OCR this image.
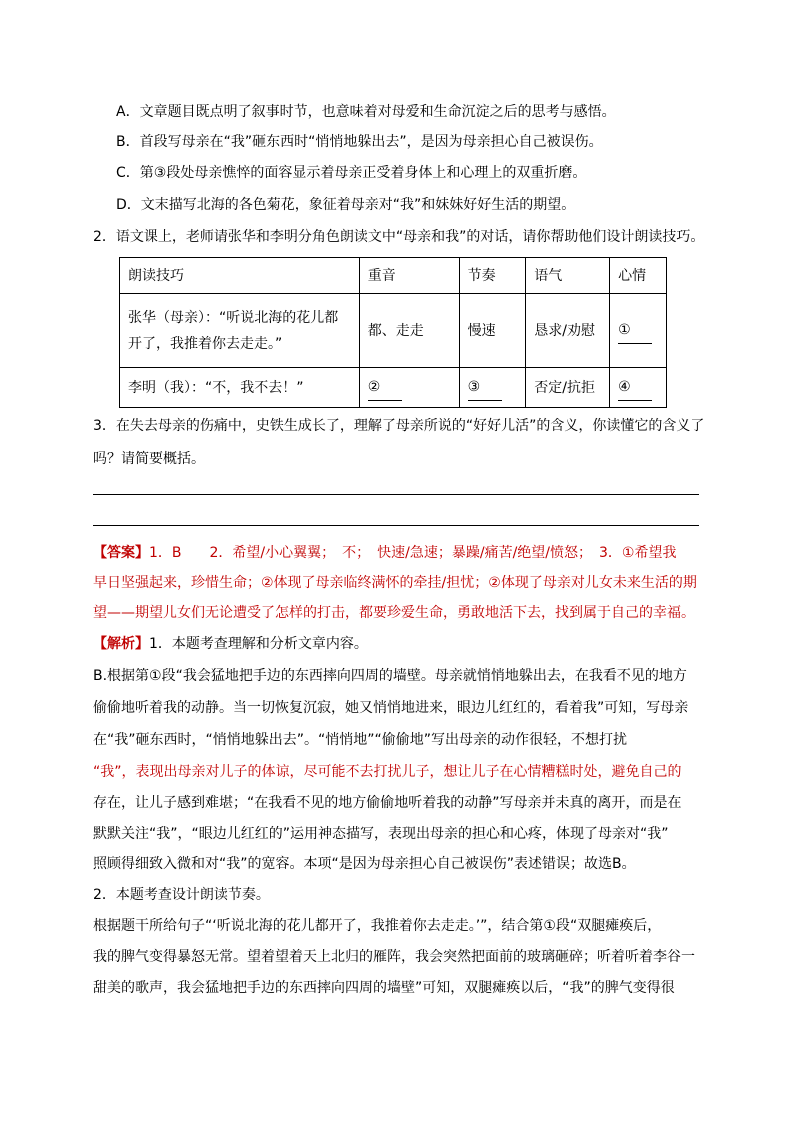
A．文章题目既点明了叙事时节，也意味着对母爱和生命沉淀之后的思考与感悟。
B．首段写母亲在“我”砸东西时“悄悄地躲出去”，是因为母亲担心自己被误伤。
C．第③段处母亲憔悴的面容显示着母亲正受着身体上和心理上的双重折磨。
D．文末描写北海的各色菊花，象征着母亲对“我”和妹妹好好生活的期望。
2．语文课上，老师请张华和李明分角色朗读文中“母亲和我”的对话，请你帮助他们设计朗读技巧。
朗读技巧	重音	节奏	语气	心情

张华（母亲）：“听说北海的花儿都
开了，我推着你去走走。”	都、走走	慢速	恳求/劝慰	①
李明（我）：“不，我不去！”	②	③	否定/抗拒	④
3．在失去母亲的伤痛中，史铁生成长了，理解了母亲所说的“好好儿活”的含义，你读懂它的含义了
吗？请简要概括。
【答案】1．B　　2．希望/小心翼翼；　不；　快速/急速；暴躁/痛苦/绝望/愤怒；　3．①希望我
早日坚强起来，珍惜生命；②体现了母亲临终满怀的牵挂/担忧；②体现了母亲对儿女未来生活的期
望——期望儿女们无论遭受了怎样的打击，都要珍爱生命，勇敢地活下去，找到属于自己的幸福。
【解析】1．本题考查理解和分析文章内容。
B.根据第①段“我会猛地把手边的东西摔向四周的墙壁。母亲就悄悄地躲出去，在我看不见的地方
偷偷地听着我的动静。当一切恢复沉寂，她又悄悄地进来，眼边儿红红的，看着我”可知，写母亲
在“我”砸东西时，“悄悄地躲出去”。“悄悄地”“偷偷地”写出母亲的动作很轻，不想打扰
“我”，表现出母亲对儿子的体谅，尽可能不去打扰儿子，想让儿子在心情糟糕时处，避免自己的
存在，让儿子感到难堪；“在我看不见的地方偷偷地听着我的动静”写母亲并未真的离开，而是在
默默关注“我”，“眼边儿红红的”运用神态描写，表现出母亲的担心和心疼，体现了母亲对“我”
照顾得细致入微和对“我”的宽容。本项“是因为母亲担心自己被误伤”表述错误；故选B。
2．本题考查设计朗读节奏。
根据题干所给句子“‘听说北海的花儿都开了，我推着你去走走。’”，结合第①段“双腿瘫痪后，
我的脾气变得暴怒无常。望着望着天上北归的雁阵，我会突然把面前的玻璃砸碎；听着听着李谷一
甜美的歌声，我会猛地把手边的东西摔向四周的墙壁”可知，双腿瘫痪以后，“我”的脾气变得很
